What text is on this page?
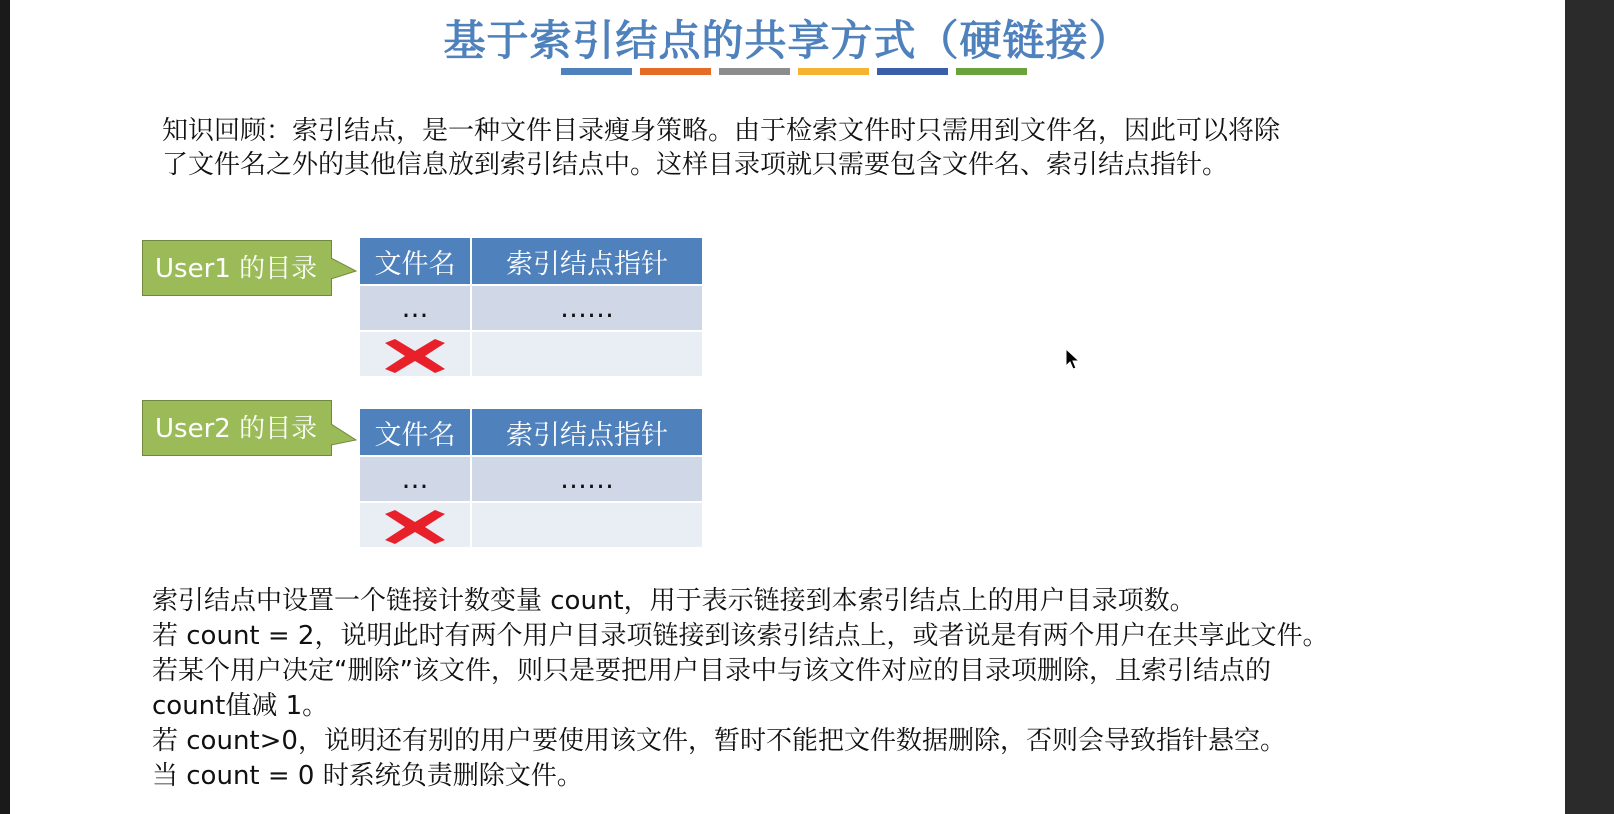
基于索引结点的共享方式（硬链接）

知识回顾：索引结点，是一种文件目录瘦身策略。由于检索文件时只需用到文件名，因此可以将除

了文件名之外的其他信息放到索引结点中。这样目录项就只需要包含文件名、索引结点指针。

User1 的目录	文件名	索引结点指针
…	……

User2 的目录	文件名	索引结点指针
…	……

索引结点中设置一个链接计数变量 count，用于表示链接到本索引结点上的用户目录项数。

若 count = 2，说明此时有两个用户目录项链接到该索引结点上，或者说是有两个用户在共享此文件。

若某个用户决定“删除”该文件，则只是要把用户目录中与该文件对应的目录项删除，且索引结点的

count值减 1。

若 count>0，说明还有别的用户要使用该文件，暂时不能把文件数据删除，否则会导致指针悬空。

当 count = 0 时系统负责删除文件。
